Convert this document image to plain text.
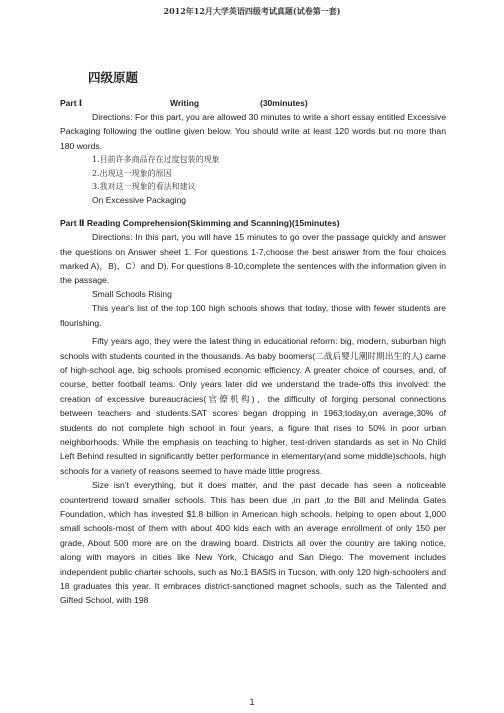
2012年12月大学英语四级考试真题(试卷第一套)
四级原题
Part Ⅰ	Writing	(30minutes)

Directions: For this part, you are allowed 30 minutes to write a short essay entitled Excessive Packaging following the outline given below. You should write at least 120 words but no more than 180 words.

1.目前许多商品存在过度包装的现象
2.出现这一现象的原因
3.我对这一现象的看法和建议
On Excessive Packaging
Part Ⅱ Reading Comprehension(Skimming and Scanning)(15minutes)

Directions: In this part, you will have 15 minutes to go over the passage quickly and answer the questions on Answer sheet 1. For questions 1-7,choose the best answer from the four choices marked A)，B)，C）and D). For questions 8-10,complete the sentences with the information given in the passage.

Small Schools Rising

This year's list of the top 100 high schools shows that today, those with fewer students are flourishing.

Fifty years ago, they were the latest thing in educational reform: big, modern, suburban high schools with students counted in the thousands. As baby boomers(二战后婴儿潮时期出生的人) came of high-school age, big schools promised economic efficiency. A greater choice of courses, and, of course, better football teams. Only years later did we understand the trade-offs this involved: the creation of excessive bureaucracies(官僚机构)，the difficulty of forging personal connections between teachers and students.SAT scores began dropping in 1963;today,on average,30% of students do not complete high school in four years, a figure that rises to 50% in poor urban neighborhoods. While the emphasis on teaching to higher, test-driven standards as set in No Child Left Behind resulted in significantly better performance in elementary(and some middle)schools, high schools for a variety of reasons seemed to have made little progress.

Size isn't everything, but it does matter, and the past decade has seen a noticeable countertrend toward smaller schools. This has been due ,in part ,to the Bill and Melinda Gates Foundation, which has invested $1.8 billion in American high schools, helping to open about 1,000 small schools-most of them with about 400 kids each with an average enrollment of only 150 per grade, About 500 more are on the drawing board. Districts all over the country are taking notice, along with mayors in cities like New York, Chicago and San Diego. The movement includes independent public charter schools, such as No.1 BASIS in Tucson, with only 120 high-schoolers and 18 graduates this year. It embraces district-sanctioned magnet schools, such as the Talented and Gifted School, with 198

1
